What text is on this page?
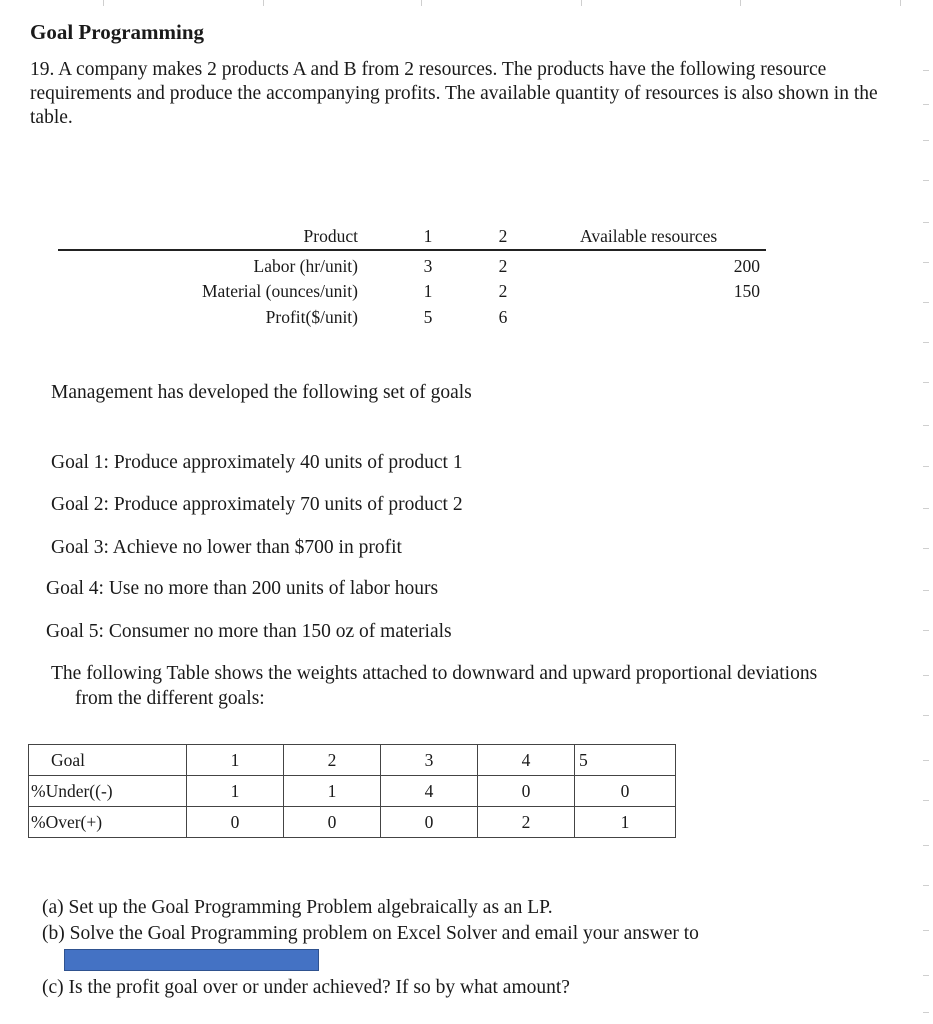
Goal Programming
19. A company makes 2 products A and B from 2 resources. The products have the following resource requirements and produce the accompanying profits. The available quantity of resources is also shown in the table.
Product	1	2	Available resources
Labor (hr/unit)	3	2	200
Material (ounces/unit)	1	2	150
Profit($/unit)	5	6
Management has developed the following set of goals
Goal 1: Produce approximately 40 units of product 1
Goal 2: Produce approximately 70 units of product 2
Goal 3: Achieve no lower than $700 in profit
Goal 4: Use no more than 200 units of labor hours
Goal 5: Consumer no more than 150 oz of materials
The following Table shows the weights attached to downward and upward proportional deviations
from the different goals:
Goal	1	2	3	4	5
%Under((-)	1	1	4	0	0
%Over(+)	0	0	0	2	1
(a) Set up the Goal Programming Problem algebraically as an LP.
(b) Solve the Goal Programming problem on Excel Solver and email your answer to
(c) Is the profit goal over or under achieved? If so by what amount?
